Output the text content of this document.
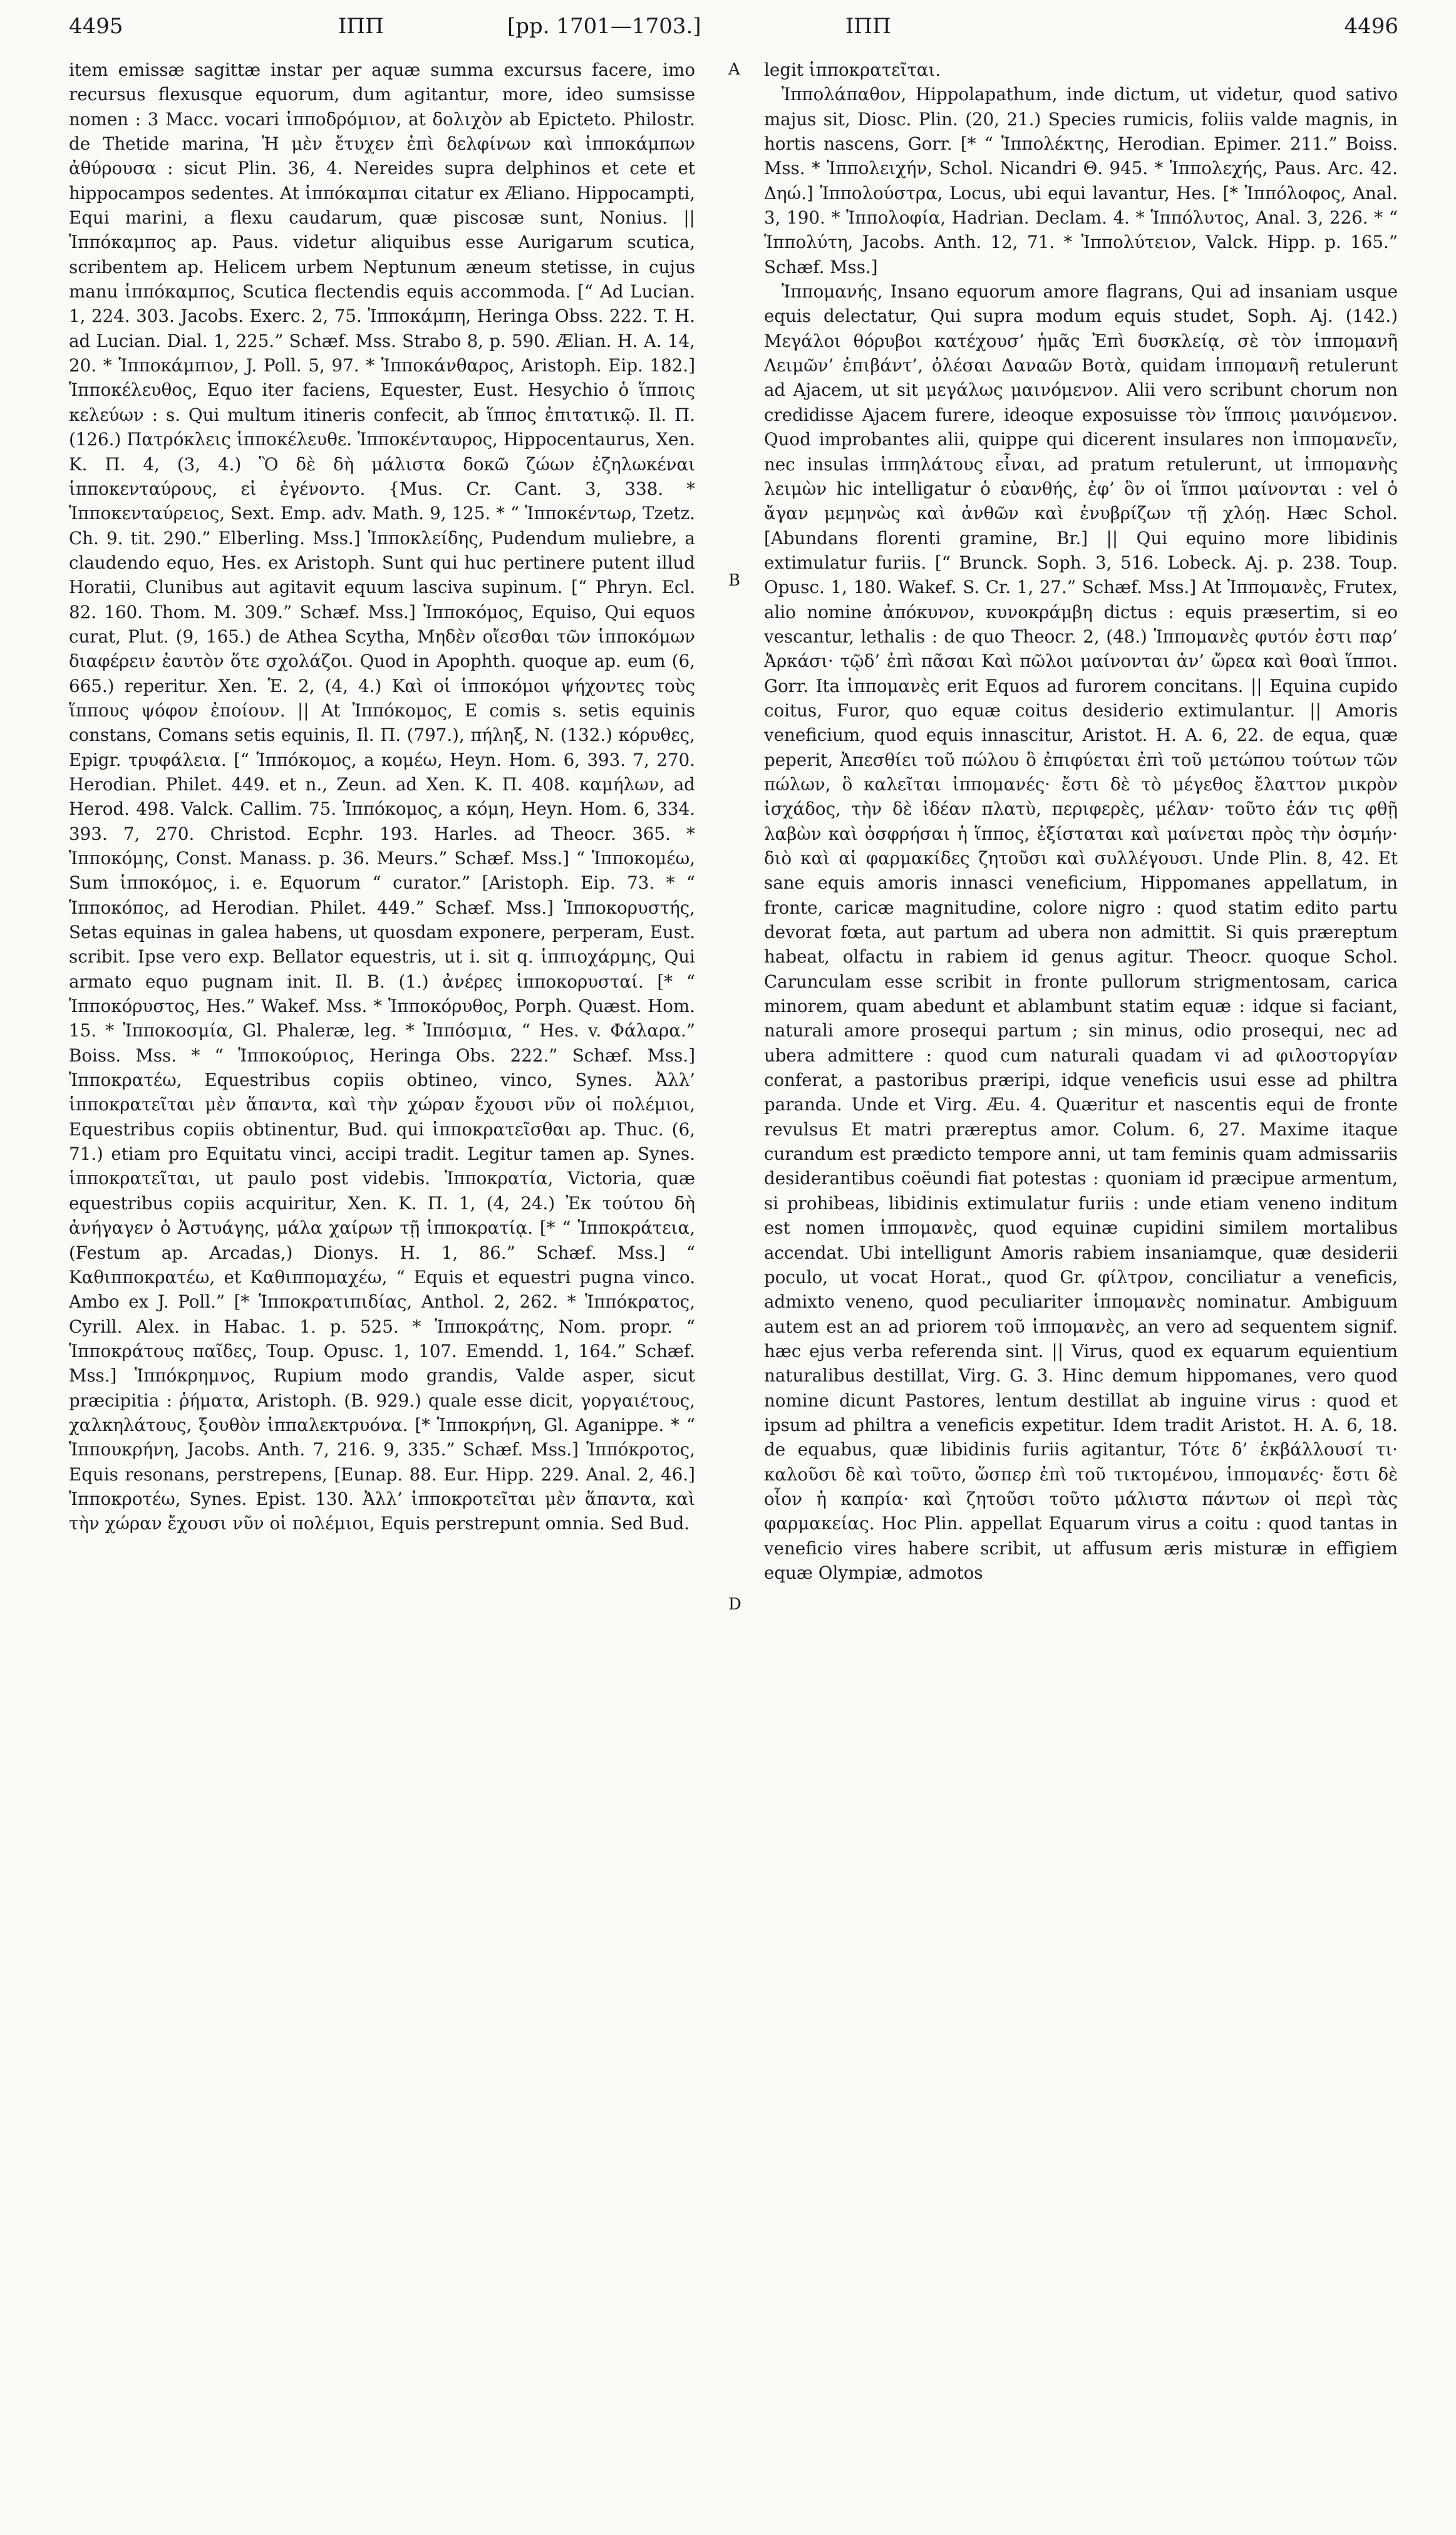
4495	ΙΠΠ	[pp. 1701—1703.]	ΙΠΠ	4496

item emissæ sagittæ instar per aquæ summa excursus facere, imo recursus flexusque equorum, dum agitantur, more, ideo sumsisse nomen : 3 Macc. vocari ἱπποδρόμιον, at δολιχὸν ab Epicteto. Philostr. de Thetide marina, Ἡ μὲν ἔτυχεν ἐπὶ δελφίνων καὶ ἱπποκάμπων ἀθύρουσα : sicut Plin. 36, 4. Nereides supra delphinos et cete et hippocampos sedentes. At ἱππόκαμπαι citatur ex Æliano. Hippocampti, Equi marini, a flexu caudarum, quæ piscosæ sunt, Nonius. || Ἱππόκαμπος ap. Paus. videtur aliquibus esse Aurigarum scutica, scribentem ap. Helicem urbem Neptunum æneum stetisse, in cujus manu ἱππόκαμπος, Scutica flectendis equis accommoda. [“ Ad Lucian. 1, 224. 303. Jacobs. Exerc. 2, 75. Ἱπποκάμπη, Heringa Obss. 222. T. H. ad Lucian. Dial. 1, 225.” Schæf. Mss. Strabo 8, p. 590. Ælian. H. A. 14, 20. * Ἱπποκάμπιον, J. Poll. 5, 97. * Ἱπποκάνθαρος, Aristoph. Eip. 182.] Ἱπποκέλευθος, Equo iter faciens, Equester, Eust. Hesychio ὁ ἵπποις κελεύων : s. Qui multum itineris confecit, ab ἵππος ἐπιτατικῷ. Il. Π. (126.) Πατρόκλεις ἱπποκέλευθε. Ἱπποκένταυρος, Hippocentaurus, Xen. K. Π. 4, (3, 4.) Ὃ δὲ δὴ μάλιστα δοκῶ ζώων ἐζηλωκέναι ἱπποκενταύρους, εἰ ἐγένοντο. {Mus. Cr. Cant. 3, 338. * Ἱπποκενταύρειος, Sext. Emp. adv. Math. 9, 125. * “ Ἱπποκέντωρ, Tzetz. Ch. 9. tit. 290.” Elberling. Mss.] Ἱπποκλείδης, Pudendum muliebre, a claudendo equo, Hes. ex Aristoph. Sunt qui huc pertinere putent illud Horatii, Clunibus aut agitavit equum lasciva supinum. [“ Phryn. Ecl. 82. 160. Thom. M. 309.” Schæf. Mss.] Ἱπποκόμος, Equiso, Qui equos curat, Plut. (9, 165.) de Athea Scytha, Μηδὲν οἴεσθαι τῶν ἱπποκόμων διαφέρειν ἑαυτὸν ὅτε σχολάζοι. Quod in Apophth. quoque ap. eum (6, 665.) reperitur. Xen. Ἑ. 2, (4, 4.) Καὶ οἱ ἱπποκόμοι ψήχοντες τοὺς ἵππους ψόφον ἐποίουν. || At Ἱππόκομος, E comis s. setis equinis constans, Comans setis equinis, Il. Π. (797.), πήληξ, N. (132.) κόρυθες, Epigr. τρυφάλεια. [“ Ἱππόκομος, a κομέω, Heyn. Hom. 6, 393. 7, 270. Herodian. Philet. 449. et n., Zeun. ad Xen. K. Π. 408. καμήλων, ad Herod. 498. Valck. Callim. 75. Ἱππόκομος, a κόμη, Heyn. Hom. 6, 334. 393. 7, 270. Christod. Ecphr. 193. Harles. ad Theocr. 365. * Ἱπποκόμης, Const. Manass. p. 36. Meurs.” Schæf. Mss.] “ Ἱπποκομέω, Sum ἱπποκόμος, i. e. Equorum “ curator.” [Aristoph. Eip. 73. * “ Ἱπποκόπος, ad Herodian. Philet. 449.” Schæf. Mss.] Ἱπποκορυστής, Setas equinas in galea habens, ut quosdam exponere, perperam, Eust. scribit. Ipse vero exp. Bellator equestris, ut i. sit q. ἱππιοχάρμης, Qui armato equo pugnam init. Il. B. (1.) ἀνέρες ἱπποκορυσταί. [* “ Ἱπποκόρυστος, Hes.” Wakef. Mss. * Ἱπποκόρυθος, Porph. Quæst. Hom. 15. * Ἱπποκοσμία, Gl. Phaleræ, leg. * Ἱππόσμια, “ Hes. v. Φάλαρα.” Boiss. Mss. * “ Ἱπποκούριος, Heringa Obs. 222.” Schæf. Mss.] Ἱπποκρατέω, Equestribus copiis obtineo, vinco, Synes. Ἀλλ’ ἱπποκρατεῖται μὲν ἅπαντα, καὶ τὴν χώραν ἔχουσι νῦν οἱ πολέμιοι, Equestribus copiis obtinentur, Bud. qui ἱπποκρατεῖσθαι ap. Thuc. (6, 71.) etiam pro Equitatu vinci, accipi tradit. Legitur tamen ap. Synes. ἱπποκρατεῖται, ut paulo post videbis. Ἱπποκρατία, Victoria, quæ equestribus copiis acquiritur, Xen. K. Π. 1, (4, 24.) Ἐκ τούτου δὴ ἀνήγαγεν ὁ Ἀστυάγης, μάλα χαίρων τῇ ἱπποκρατίᾳ. [* “ Ἱπποκράτεια, (Festum ap. Arcadas,) Dionys. H. 1, 86.” Schæf. Mss.] “ Καθιπποκρατέω, et Καθιππομαχέω, “ Equis et equestri pugna vinco. Ambo ex J. Poll.” [* Ἱπποκρατιπιδίας, Anthol. 2, 262. * Ἱππόκρατος, Cyrill. Alex. in Habac. 1. p. 525. * Ἱπποκράτης, Nom. propr. “ Ἱπποκράτους παῖδες, Toup. Opusc. 1, 107. Emendd. 1, 164.” Schæf. Mss.] Ἱππόκρημνος, Rupium modo grandis, Valde asper, sicut præcipitia : ῥήματα, Aristoph. (B. 929.) quale esse dicit, γοργαιέτους, χαλκηλάτους, ξουθὸν ἱππαλεκτρυόνα. [* Ἱπποκρήνη, Gl. Aganippe. * “ Ἱππουκρήνη, Jacobs. Anth. 7, 216. 9, 335.” Schæf. Mss.] Ἱππόκροτος, Equis resonans, perstrepens, [Eunap. 88. Eur. Hipp. 229. Anal. 2, 46.] Ἱπποκροτέω, Synes. Epist. 130. Ἀλλ’ ἱπποκροτεῖται μὲν ἅπαντα, καὶ τὴν χώραν ἔχουσι νῦν οἱ πολέμιοι, Equis perstrepunt omnia. Sed Bud.

A
B
D

legit ἱπποκρατεῖται.

Ἱππολάπαθον, Hippolapathum, inde dictum, ut videtur, quod sativo majus sit, Diosc. Plin. (20, 21.) Species rumicis, foliis valde magnis, in hortis nascens, Gorr. [* “ Ἱππολέκτης, Herodian. Epimer. 211.” Boiss. Mss. * Ἱππολειχήν, Schol. Nicandri Θ. 945. * Ἱππολεχής, Paus. Arc. 42. Δηώ.] Ἱππολούστρα, Locus, ubi equi lavantur, Hes. [* Ἱππόλοφος, Anal. 3, 190. * Ἱππολοφία, Hadrian. Declam. 4. * Ἱππόλυτος, Anal. 3, 226. * “ Ἱππολύτη, Jacobs. Anth. 12, 71. * Ἱππολύτειον, Valck. Hipp. p. 165.” Schæf. Mss.]

Ἱππομανής, Insano equorum amore flagrans, Qui ad insaniam usque equis delectatur, Qui supra modum equis studet, Soph. Aj. (142.) Μεγάλοι θόρυβοι κατέχουσ’ ἡμᾶς Ἐπὶ δυσκλείᾳ, σὲ τὸν ἱππομανῆ Λειμῶν’ ἐπιβάντ’, ὀλέσαι Δαναῶν Βοτὰ, quidam ἱππομανῆ retulerunt ad Ajacem, ut sit μεγάλως μαινόμενον. Alii vero scribunt chorum non credidisse Ajacem furere, ideoque exposuisse τὸν ἵπποις μαινόμενον. Quod improbantes alii, quippe qui dicerent insulares non ἱππομανεῖν, nec insulas ἱππηλάτους εἶναι, ad pratum retulerunt, ut ἱππομανὴς λειμὼν hic intelligatur ὁ εὐανθής, ἐφ’ ὃν οἱ ἵπποι μαίνονται : vel ὁ ἄγαν μεμηνὼς καὶ ἀνθῶν καὶ ἐνυβρίζων τῇ χλόῃ. Hæc Schol. [Abundans florenti gramine, Br.] || Qui equino more libidinis extimulatur furiis. [“ Brunck. Soph. 3, 516. Lobeck. Aj. p. 238. Toup. Opusc. 1, 180. Wakef. S. Cr. 1, 27.” Schæf. Mss.] At Ἱππομανὲς, Frutex, alio nomine ἀπόκυνον, κυνοκράμβη dictus : equis præsertim, si eo vescantur, lethalis : de quo Theocr. 2, (48.) Ἱππομανὲς φυτόν ἐστι παρ’ Ἀρκάσι· τῷδ’ ἐπὶ πᾶσαι Καὶ πῶλοι μαίνονται ἀν’ ὤρεα καὶ θοαὶ ἵπποι. Gorr. Ita ἱππομανὲς erit Equos ad furorem concitans. || Equina cupido coitus, Furor, quo equæ coitus desiderio extimulantur. || Amoris veneficium, quod equis innascitur, Aristot. H. A. 6, 22. de equa, quæ peperit, Ἀπεσθίει τοῦ πώλου ὃ ἐπιφύεται ἐπὶ τοῦ μετώπου τούτων τῶν πώλων, ὃ καλεῖται ἱππομανές· ἔστι δὲ τὸ μέγεθος ἔλαττον μικρὸν ἰσχάδος, τὴν δὲ ἰδέαν πλατὺ, περιφερὲς, μέλαν· τοῦτο ἐάν τις φθῇ λαβὼν καὶ ὀσφρήσαι ἡ ἵππος, ἐξίσταται καὶ μαίνεται πρὸς τὴν ὀσμήν· διὸ καὶ αἱ φαρμακίδες ζητοῦσι καὶ συλλέγουσι. Unde Plin. 8, 42. Et sane equis amoris innasci veneficium, Hippomanes appellatum, in fronte, caricæ magnitudine, colore nigro : quod statim edito partu devorat fœta, aut partum ad ubera non admittit. Si quis præreptum habeat, olfactu in rabiem id genus agitur. Theocr. quoque Schol. Carunculam esse scribit in fronte pullorum strigmentosam, carica minorem, quam abedunt et ablambunt statim equæ : idque si faciant, naturali amore prosequi partum ; sin minus, odio prosequi, nec ad ubera admittere : quod cum naturali quadam vi ad φιλοστοργίαν conferat, a pastoribus præripi, idque veneficis usui esse ad philtra paranda. Unde et Virg. Æu. 4. Quæritur et nascentis equi de fronte revulsus Et matri præreptus amor. Colum. 6, 27. Maxime itaque curandum est prædicto tempore anni, ut tam feminis quam admissariis desiderantibus coëundi fiat potestas : quoniam id præcipue armentum, si prohibeas, libidinis extimulatur furiis : unde etiam veneno inditum est nomen ἱππομανὲς, quod equinæ cupidini similem mortalibus accendat. Ubi intelligunt Amoris rabiem insaniamque, quæ desiderii poculo, ut vocat Horat., quod Gr. φίλτρον, conciliatur a veneficis, admixto veneno, quod peculiariter ἱππομανὲς nominatur. Ambiguum autem est an ad priorem τοῦ ἱππομανὲς, an vero ad sequentem signif. hæc ejus verba referenda sint. || Virus, quod ex equarum equientium naturalibus destillat, Virg. G. 3. Hinc demum hippomanes, vero quod nomine dicunt Pastores, lentum destillat ab inguine virus : quod et ipsum ad philtra a veneficis expetitur. Idem tradit Aristot. H. A. 6, 18. de equabus, quæ libidinis furiis agitantur, Τότε δ’ ἐκβάλλουσί τι· καλοῦσι δὲ καὶ τοῦτο, ὥσπερ ἐπὶ τοῦ τικτομένου, ἱππομανές· ἔστι δὲ οἷον ἡ καπρία· καὶ ζητοῦσι τοῦτο μάλιστα πάντων οἱ περὶ τὰς φαρμακείας. Hoc Plin. appellat Equarum virus a coitu : quod tantas in veneficio vires habere scribit, ut affusum æris misturæ in effigiem equæ Olympiæ, admotos
